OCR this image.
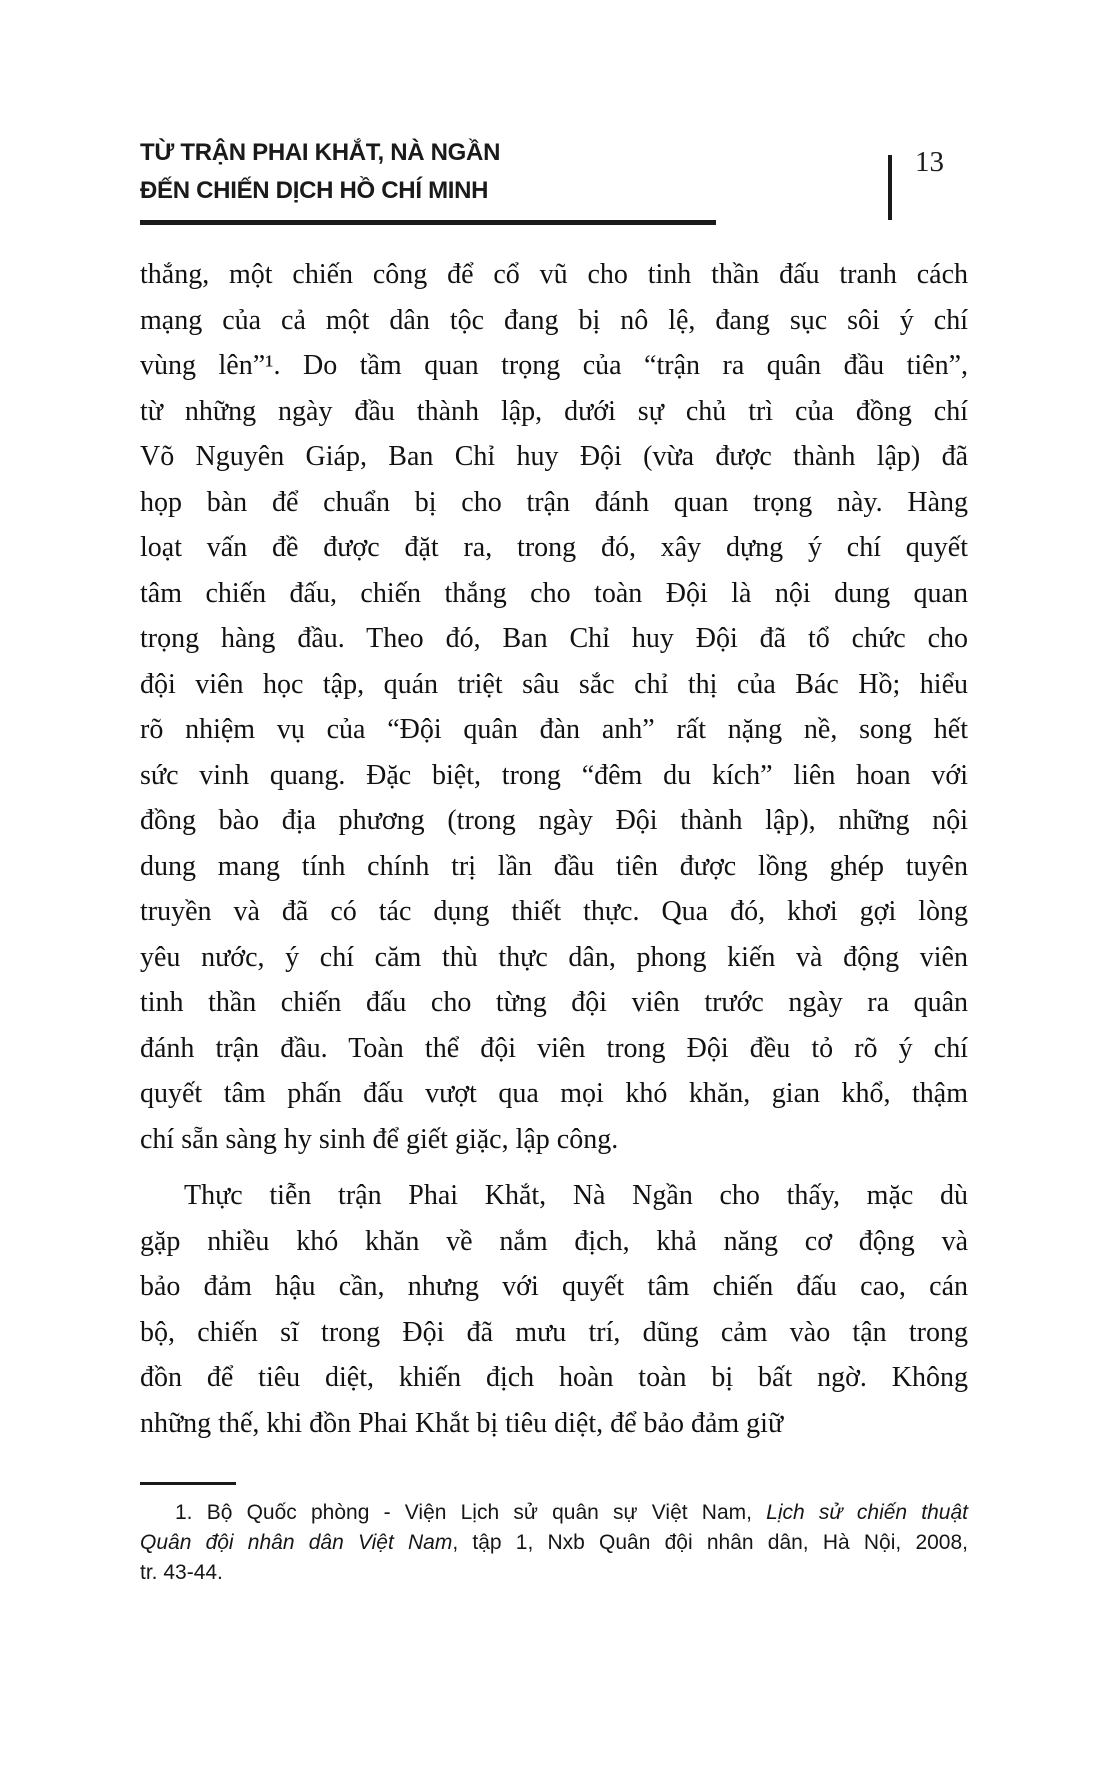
TỪ TRẬN PHAI KHẮT, NÀ NGẦN
ĐẾN CHIẾN DỊCH HỒ CHÍ MINH
13
thắng, một chiến công để cổ vũ cho tinh thần đấu tranh cách
mạng của cả một dân tộc đang bị nô lệ, đang sục sôi ý chí
vùng lên”¹. Do tầm quan trọng của “trận ra quân đầu tiên”,
từ những ngày đầu thành lập, dưới sự chủ trì của đồng chí
Võ Nguyên Giáp, Ban Chỉ huy Đội (vừa được thành lập) đã
họp bàn để chuẩn bị cho trận đánh quan trọng này. Hàng
loạt vấn đề được đặt ra, trong đó, xây dựng ý chí quyết
tâm chiến đấu, chiến thắng cho toàn Đội là nội dung quan
trọng hàng đầu. Theo đó, Ban Chỉ huy Đội đã tổ chức cho
đội viên học tập, quán triệt sâu sắc chỉ thị của Bác Hồ; hiểu
rõ nhiệm vụ của “Đội quân đàn anh” rất nặng nề, song hết
sức vinh quang. Đặc biệt, trong “đêm du kích” liên hoan với
đồng bào địa phương (trong ngày Đội thành lập), những nội
dung mang tính chính trị lần đầu tiên được lồng ghép tuyên
truyền và đã có tác dụng thiết thực. Qua đó, khơi gợi lòng
yêu nước, ý chí căm thù thực dân, phong kiến và động viên
tinh thần chiến đấu cho từng đội viên trước ngày ra quân
đánh trận đầu. Toàn thể đội viên trong Đội đều tỏ rõ ý chí
quyết tâm phấn đấu vượt qua mọi khó khăn, gian khổ, thậm
chí sẵn sàng hy sinh để giết giặc, lập công.
Thực tiễn trận Phai Khắt, Nà Ngần cho thấy, mặc dù
gặp nhiều khó khăn về nắm địch, khả năng cơ động và
bảo đảm hậu cần, nhưng với quyết tâm chiến đấu cao, cán
bộ, chiến sĩ trong Đội đã mưu trí, dũng cảm vào tận trong
đồn để tiêu diệt, khiến địch hoàn toàn bị bất ngờ. Không
những thế, khi đồn Phai Khắt bị tiêu diệt, để bảo đảm giữ
1. Bộ Quốc phòng - Viện Lịch sử quân sự Việt Nam, Lịch sử chiến thuật
Quân đội nhân dân Việt Nam, tập 1, Nxb Quân đội nhân dân, Hà Nội, 2008,
tr. 43-44.
